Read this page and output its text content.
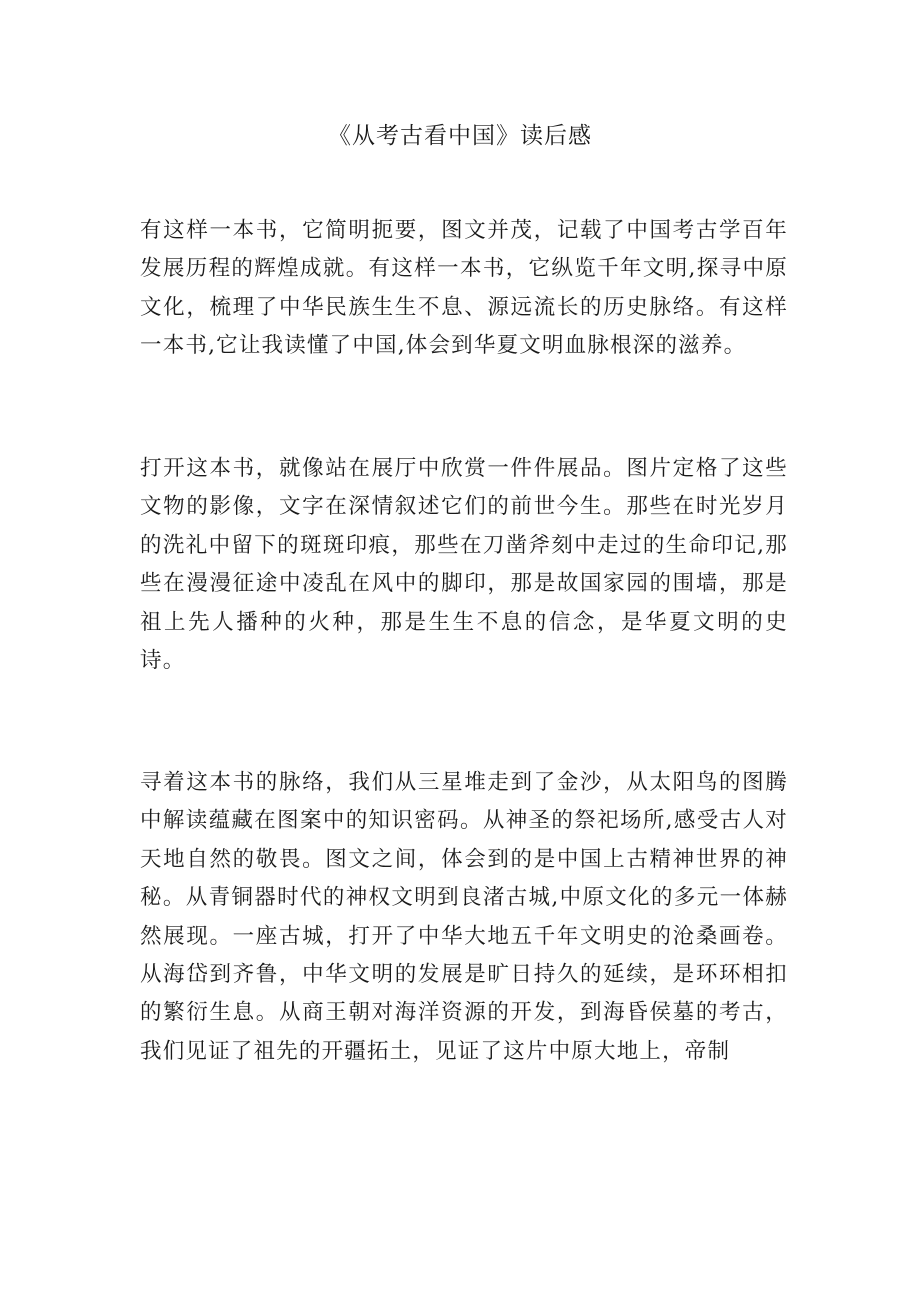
《从考古看中国》读后感

有这样一本书，它简明扼要，图文并茂，记载了中国考古学百年发展历程的辉煌成就。有这样一本书，它纵览千年文明,探寻中原文化，梳理了中华民族生生不息、源远流长的历史脉络。有这样一本书,它让我读懂了中国,体会到华夏文明血脉根深的滋养。

打开这本书，就像站在展厅中欣赏一件件展品。图片定格了这些文物的影像，文字在深情叙述它们的前世今生。那些在时光岁月的洗礼中留下的斑斑印痕，那些在刀凿斧刻中走过的生命印记,那些在漫漫征途中凌乱在风中的脚印，那是故国家园的围墙，那是祖上先人播种的火种，那是生生不息的信念，是华夏文明的史诗。

寻着这本书的脉络，我们从三星堆走到了金沙，从太阳鸟的图腾中解读蕴藏在图案中的知识密码。从神圣的祭祀场所,感受古人对天地自然的敬畏。图文之间，体会到的是中国上古精神世界的神秘。从青铜器时代的神权文明到良渚古城,中原文化的多元一体赫然展现。一座古城，打开了中华大地五千年文明史的沧桑画卷。从海岱到齐鲁，中华文明的发展是旷日持久的延续，是环环相扣的繁衍生息。从商王朝对海洋资源的开发，到海昏侯墓的考古，我们见证了祖先的开疆拓土，见证了这片中原大地上，帝制
